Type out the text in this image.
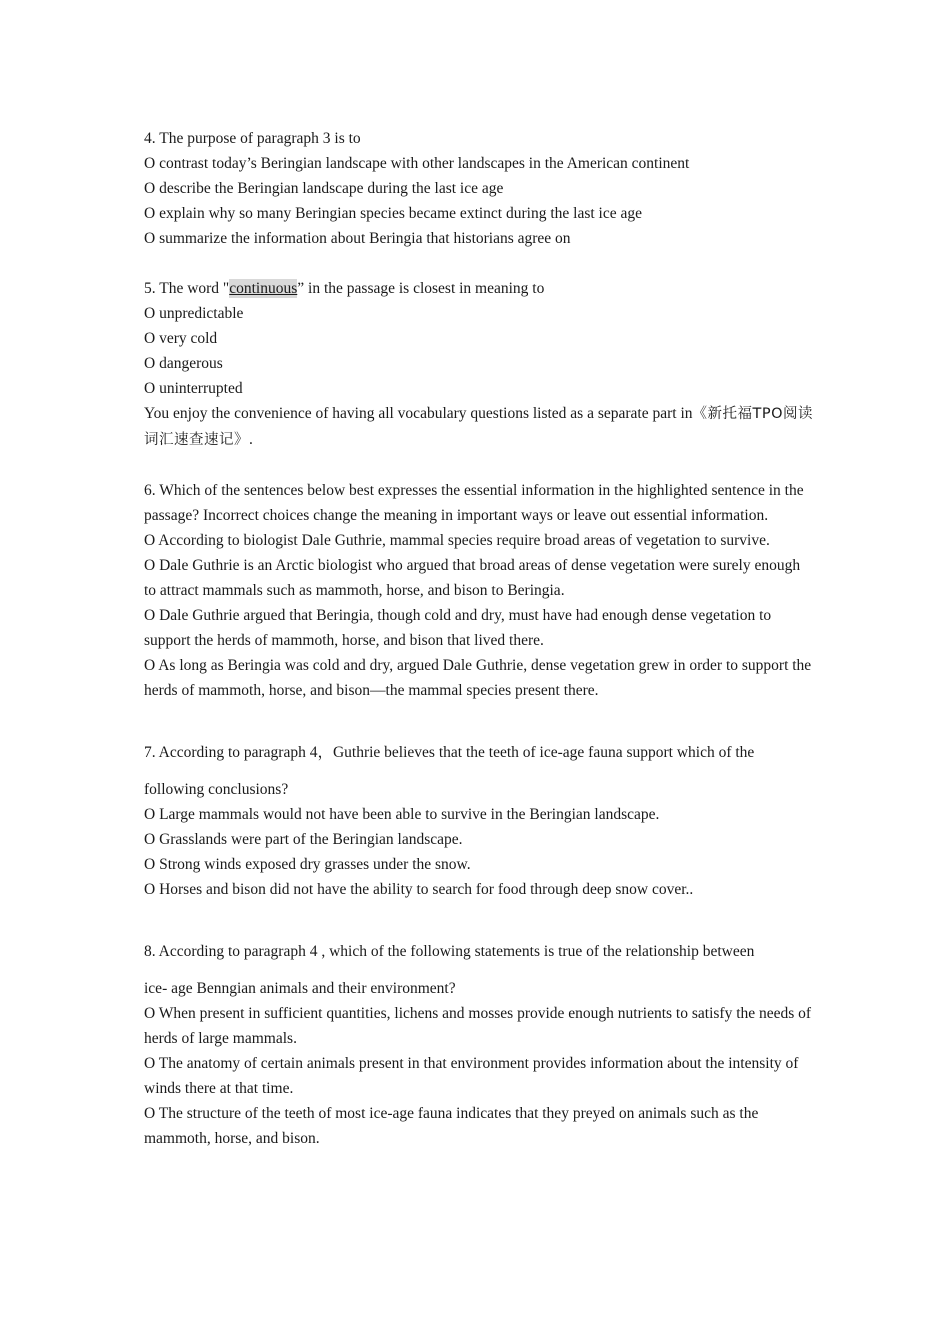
4. The purpose of paragraph 3 is to
O contrast today’s Beringian landscape with other landscapes in the American continent
O describe the Beringian landscape during the last ice age
O explain why so many Beringian species became extinct during the last ice age
O summarize the information about Beringia that historians agree on
5. The word "continuous” in the passage is closest in meaning to
O unpredictable
O very cold
O dangerous
O uninterrupted
You enjoy the convenience of having all vocabulary questions listed as a separate part in《新托福TPO阅读词汇速查速记》.
6. Which of the sentences below best expresses the essential information in the highlighted sentence in the passage? Incorrect choices change the meaning in important ways or leave out essential information.
O According to biologist Dale Guthrie, mammal species require broad areas of vegetation to survive.
O Dale Guthrie is an Arctic biologist who argued that broad areas of dense vegetation were surely enough to attract mammals such as mammoth, horse, and bison to Beringia.
O Dale Guthrie argued that Beringia, though cold and dry, must have had enough dense vegetation to support the herds of mammoth, horse, and bison that lived there.
O As long as Beringia was cold and dry, argued Dale Guthrie, dense vegetation grew in order to support the herds of mammoth, horse, and bison—the mammal species present there.
7. According to paragraph 4，Guthrie believes that the teeth of ice-age fauna support which of the
following conclusions?
O Large mammals would not have been able to survive in the Beringian landscape.
O Grasslands were part of the Beringian landscape.
O Strong winds exposed dry grasses under the snow.
O Horses and bison did not have the ability to search for food through deep snow cover..
8. According to paragraph 4 , which of the following statements is true of the relationship between
ice- age Benngian animals and their environment?
O When present in sufficient quantities, lichens and mosses provide enough nutrients to satisfy the needs of herds of large mammals.
O The anatomy of certain animals present in that environment provides information about the intensity of winds there at that time.
O The structure of the teeth of most ice-age fauna indicates that they preyed on animals such as the mammoth, horse, and bison.
